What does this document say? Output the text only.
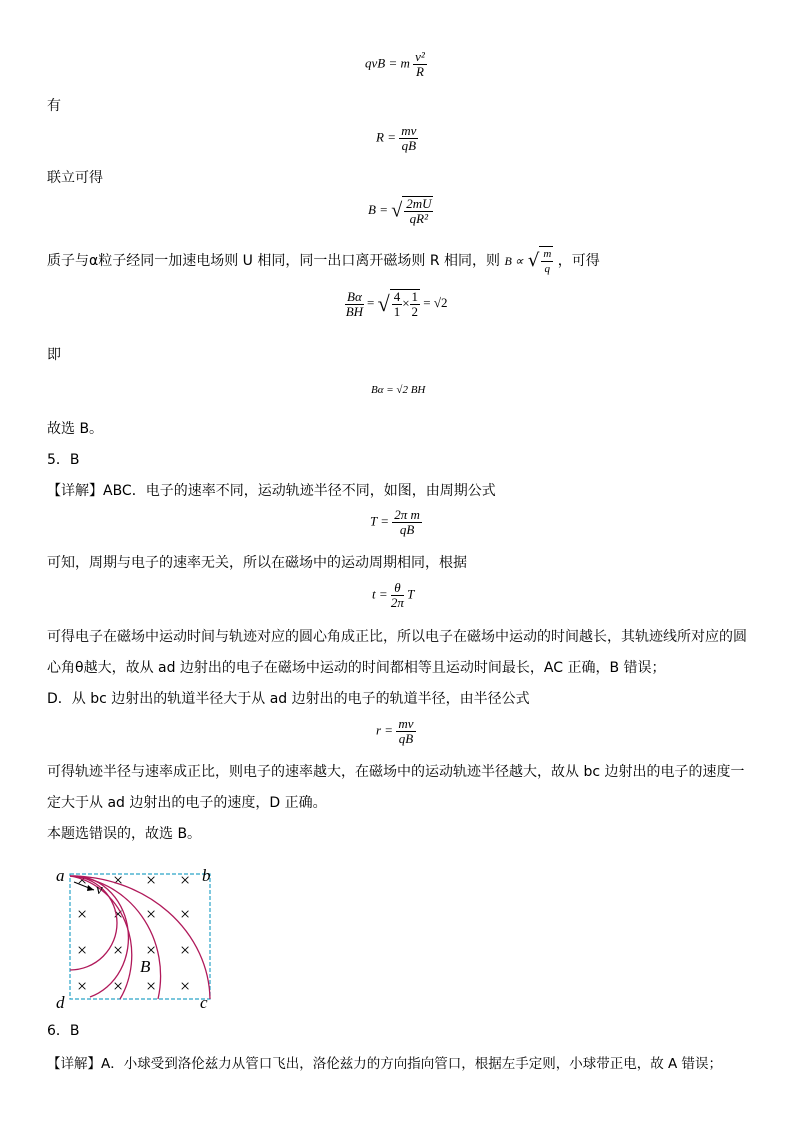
qvB = m $\frac{\text{v²}}{R}$
有
$R = \frac{mv}{qB}$
联立可得
B = √ $\frac{2mU}{\text{qR²}}$
质子与α粒子经同一加速电场则 U 相同，同一出口离开磁场则 R 相同，则 B ∝ √ $\frac{m}{q}$ ，可得
$\frac{B\alpha}{BH}$ = √ $\frac{4}{1} \times \frac{1}{2} = √2$
即
Bα = √2 BH
故选 B。
5．B
【详解】ABC．电子的速率不同，运动轨迹半径不同，如图，由周期公式
$T = \frac{\text{2π m}}{qB}$
可知，周期与电子的速率无关，所以在磁场中的运动周期相同，根据
$t = \frac{\theta}{2\pi}$ T
可得电子在磁场中运动时间与轨迹对应的圆心角成正比，所以电子在磁场中运动的时间越长，其轨迹线所对应的圆
心角θ越大，故从 ad 边射出的电子在磁场中运动的时间都相等且运动时间最长，AC 正确，B 错误；
D．从 bc 边射出的轨道半径大于从 ad 边射出的电子的轨道半径，由半径公式
$r = \frac{mv}{qB}$
可得轨迹半径与速率成正比，则电子的速率越大，在磁场中的运动轨迹半径越大，故从 bc 边射出的电子的速度一
定大于从 ad 边射出的电子的速度，D 正确。
本题选错误的，故选 B。
× × × ×
× × × ×
× × × ×
× × × ×
a	b
c
d
v
B
6．B
【详解】A．小球受到洛伦兹力从管口飞出，洛伦兹力的方向指向管口，根据左手定则，小球带正电，故 A 错误；
